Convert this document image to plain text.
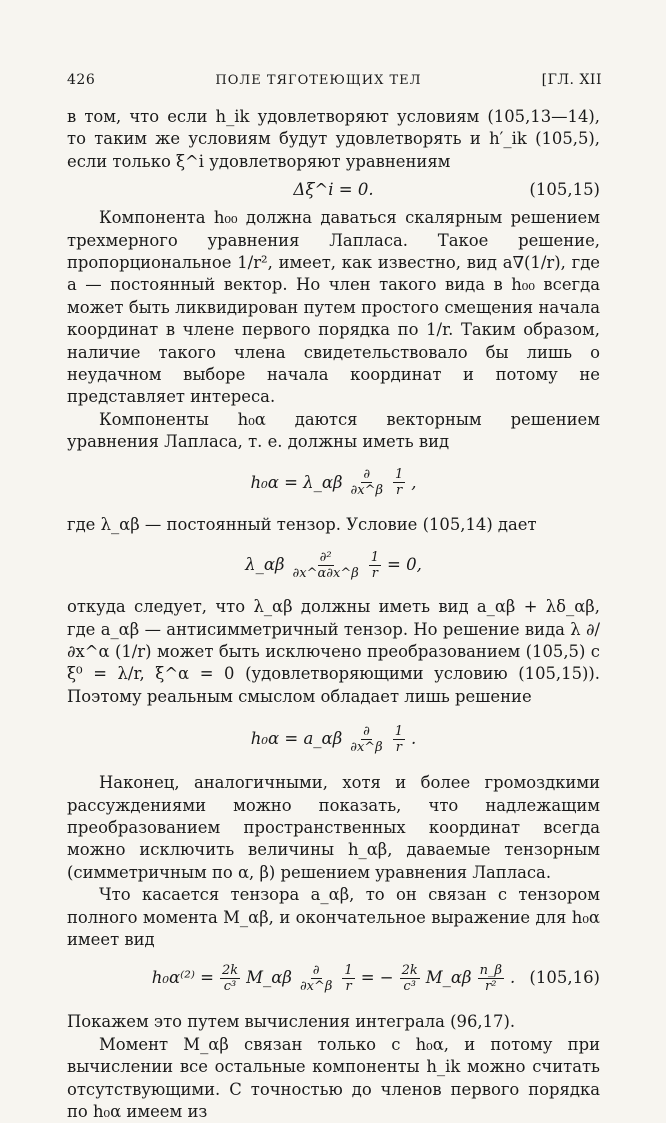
426	ПОЛЕ ТЯГОТЕЮЩИХ ТЕЛ	[ГЛ. XII

в том, что если h_ik удовлетворяют условиям (105,13—14), то таким же условиям будут удовлетворять и h′_ik (105,5), если только ξ^i удовлетворяют уравнениям

Δξ^i = 0.	(105,15)

Компонента h₀₀ должна даваться скалярным решением трехмерного уравнения Лапласа. Такое решение, пропорциональное 1/r², имеет, как известно, вид a∇(1/r), где a — постоянный вектор. Но член такого вида в h₀₀ всегда может быть ликвидирован путем простого смещения начала координат в члене первого порядка по 1/r. Таким образом, наличие такого члена свидетельствовало бы лишь о неудачном выборе начала координат и потому не представляет интереса.

Компоненты h₀α даются векторным решением уравнения Лапласа, т. е. должны иметь вид

h₀α = λ_αβ $\frac{\partial}{\partial x\^{}\beta} \frac{1}{r}$ ,

где λ_αβ — постоянный тензор. Условие (105,14) дает

λ_αβ $\frac{\text{∂²}}{\partial x\^{}\alpha\partial x\^{}\beta} \frac{1}{r} = 0$,

откуда следует, что λ_αβ должны иметь вид a_αβ + λδ_αβ, где a_αβ — антисимметричный тензор. Но решение вида λ ∂/∂x^α (1/r) может быть исключено преобразованием (105,5) с ξ⁰ = λ/r, ξ^α = 0 (удовлетворяющими условию (105,15)). Поэтому реальным смыслом обладает лишь решение

h₀α = a_αβ $\frac{\partial}{\partial x\^{}\beta} \frac{1}{r}$ .

Наконец, аналогичными, хотя и более громоздкими рассуждениями можно показать, что надлежащим преобразованием пространственных координат всегда можно исключить величины h_αβ, даваемые тензорным (симметричным по α, β) решением уравнения Лапласа.

Что касается тензора a_αβ, то он связан с тензором полного момента M_αβ, и окончательное выражение для h₀α имеет вид

$h_0\alpha^{(2)} = \frac{2k}{\text{c³}}$ M_αβ $\frac{\partial}{\partial x\^{}\beta} \frac{1}{r}$ = − $\frac{2k}{\text{c³}}$ M_αβ $\frac{n\_\beta}{\text{r²}}$ . (105,16)

Покажем это путем вычисления интеграла (96,17).

Момент M_αβ связан только с h₀α, и потому при вычислении все остальные компоненты h_ik можно считать отсутствующими. С точностью до членов первого порядка по h₀α имеем из
